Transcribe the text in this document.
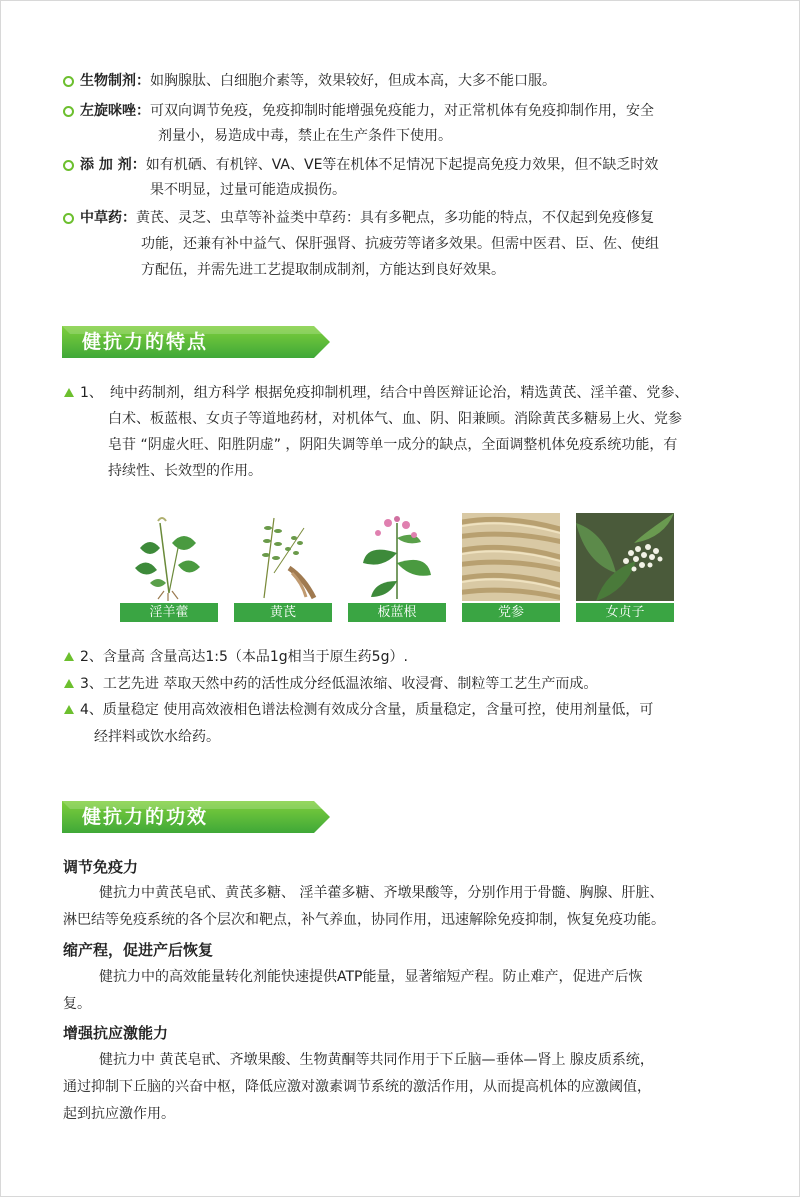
生物制剂：如胸腺肽、白细胞介素等，效果较好，但成本高，大多不能口服。
左旋咪唑：可双向调节免疫，免疫抑制时能增强免疫能力，对正常机体有免疫抑制作用，安全
剂量小，易造成中毒，禁止在生产条件下使用。
添 加 剂：如有机硒、有机锌、VA、VE等在机体不足情况下起提高免疫力效果，但不缺乏时效
果不明显，过量可能造成损伤。
中草药：黄芪、灵芝、虫草等补益类中草药：具有多靶点，多功能的特点，不仅起到免疫修复
功能，还兼有补中益气、保肝强肾、抗疲劳等诸多效果。但需中医君、臣、佐、使组
方配伍，并需先进工艺提取制成制剂，方能达到良好效果。
健抗力的特点
1、　纯中药制剂，组方科学 根据免疫抑制机理，结合中兽医辩证论治，精选黄芪、淫羊藿、党参、
白术、板蓝根、女贞子等道地药材，对机体气、血、阴、阳兼顾。消除黄芪多糖易上火、党参
皂苷 “阴虚火旺、阳胜阴虚” ，阴阳失调等单一成分的缺点，全面调整机体免疫系统功能，有
持续性、长效型的作用。
淫羊藿	黄芪	板蓝根	党参	女贞子
2、含量高 含量高达1:5（本品1g相当于原生药5g）.
3、工艺先进 萃取天然中药的活性成分经低温浓缩、收浸膏、制粒等工艺生产而成。
4、质量稳定 使用高效液相色谱法检测有效成分含量，质量稳定，含量可控，使用剂量低，可
经拌料或饮水给药。
健抗力的功效
调节免疫力
健抗力中黄芪皂甙、黄芪多糖、 淫羊藿多糖、齐墩果酸等，分别作用于骨髓、胸腺、肝脏、
淋巴结等免疫系统的各个层次和靶点，补气养血，协同作用，迅速解除免疫抑制，恢复免疫功能。
缩产程，促进产后恢复
健抗力中的高效能量转化剂能快速提供ATP能量，显著缩短产程。防止难产，促进产后恢
复。
增强抗应激能力
健抗力中 黄芪皂甙、齐墩果酸、生物黄酮等共同作用于下丘脑—垂体—肾上 腺皮质系统，
通过抑制下丘脑的兴奋中枢，降低应激对激素调节系统的激活作用，从而提高机体的应激阈值，
起到抗应激作用。
